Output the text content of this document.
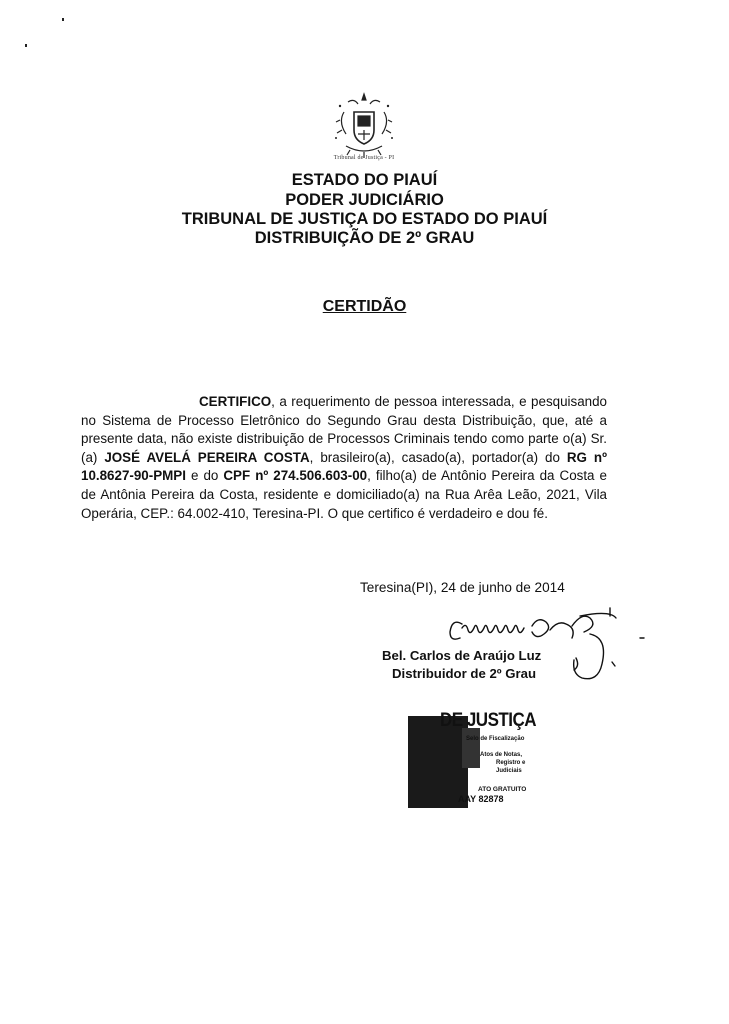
Tribunal de Justiça - PI
ESTADO DO PIAUÍ
PODER JUDICIÁRIO
TRIBUNAL DE JUSTIÇA DO ESTADO DO PIAUÍ
DISTRIBUIÇÃO DE 2º GRAU
CERTIDÃO

CERTIFICO, a requerimento de pessoa interessada, e pesquisando no Sistema de Processo Eletrônico do Segundo Grau desta Distribuição, que, até a presente data, não existe distribuição de Processos Criminais tendo como parte o(a) Sr.(a) JOSÉ AVELÁ PEREIRA COSTA, brasileiro(a), casado(a), portador(a) do RG nº 10.8627-90-PMPI e do CPF nº 274.506.603-00, filho(a) de Antônio Pereira da Costa e de Antônia Pereira da Costa, residente e domiciliado(a) na Rua Arêa Leão, 2021, Vila Operária, CEP.: 64.002-410, Teresina-PI. O que certifico é verdadeiro e dou fé.

Teresina(PI), 24 de junho de 2014
Bel. Carlos de Araújo Luz
Distribuidor de 2º Grau
DE JUSTIÇA
Selo de Fiscalização
Atos de Notas,
Registro e
Judiciais
ATO GRATUITO
AAY 82878
